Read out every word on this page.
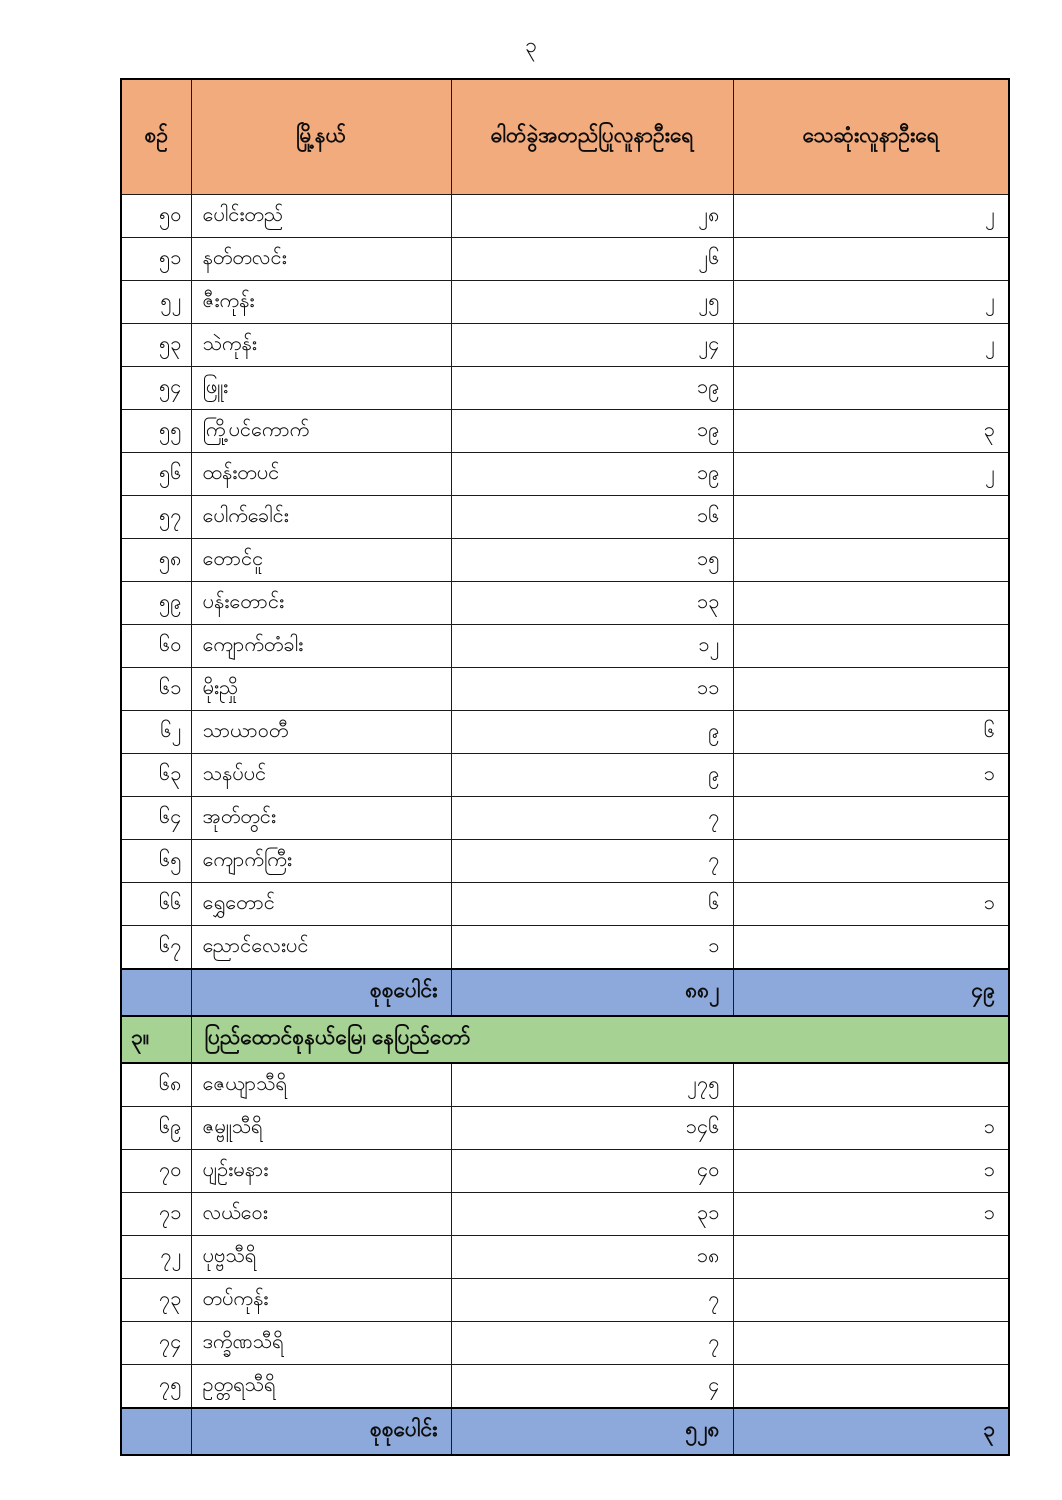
၃
စဉ်	မြို့နယ်	ဓါတ်ခွဲအတည်ပြုလူနာဦးရေ	သေဆုံးလူနာဦးရေ
၅၀	ပေါင်းတည်	၂၈	၂
၅၁	နတ်တလင်း	၂၆	
၅၂	ဇီးကုန်း	၂၅	၂
၅၃	သဲကုန်း	၂၄	၂
၅၄	ဖြူး	၁၉	
၅၅	ကြို့ပင်ကောက်	၁၉	၃
၅၆	ထန်းတပင်	၁၉	၂
၅၇	ပေါက်ခေါင်း	၁၆	
၅၈	တောင်ငူ	၁၅	
၅၉	ပန်းတောင်း	၁၃	
၆၀	ကျောက်တံခါး	၁၂	
၆၁	မိုးညှို	၁၁	
၆၂	သာယာဝတီ	၉	၆
၆၃	သနပ်ပင်	၉	၁
၆၄	အုတ်တွင်း	၇	
၆၅	ကျောက်ကြီး	၇	
၆၆	ရွှေတောင်	၆	၁
၆၇	ညောင်လေးပင်	၁	
	စုစုပေါင်း	၈၈၂	၄၉
၃။	ပြည်ထောင်စုနယ်မြေ၊ နေပြည်တော်		
၆၈	ဇေယျာသီရိ	၂၇၅	
၆၉	ဇမ္ဗူသီရိ	၁၄၆	၁
၇၀	ပျဉ်းမနား	၄၀	၁
၇၁	လယ်ဝေး	၃၁	၁
၇၂	ပုဗ္ဗသီရိ	၁၈	
၇၃	တပ်ကုန်း	၇	
၇၄	ဒက္ခိဏသီရိ	၇	
၇၅	ဥတ္တရသီရိ	၄	
	စုစုပေါင်း	၅၂၈	၃
